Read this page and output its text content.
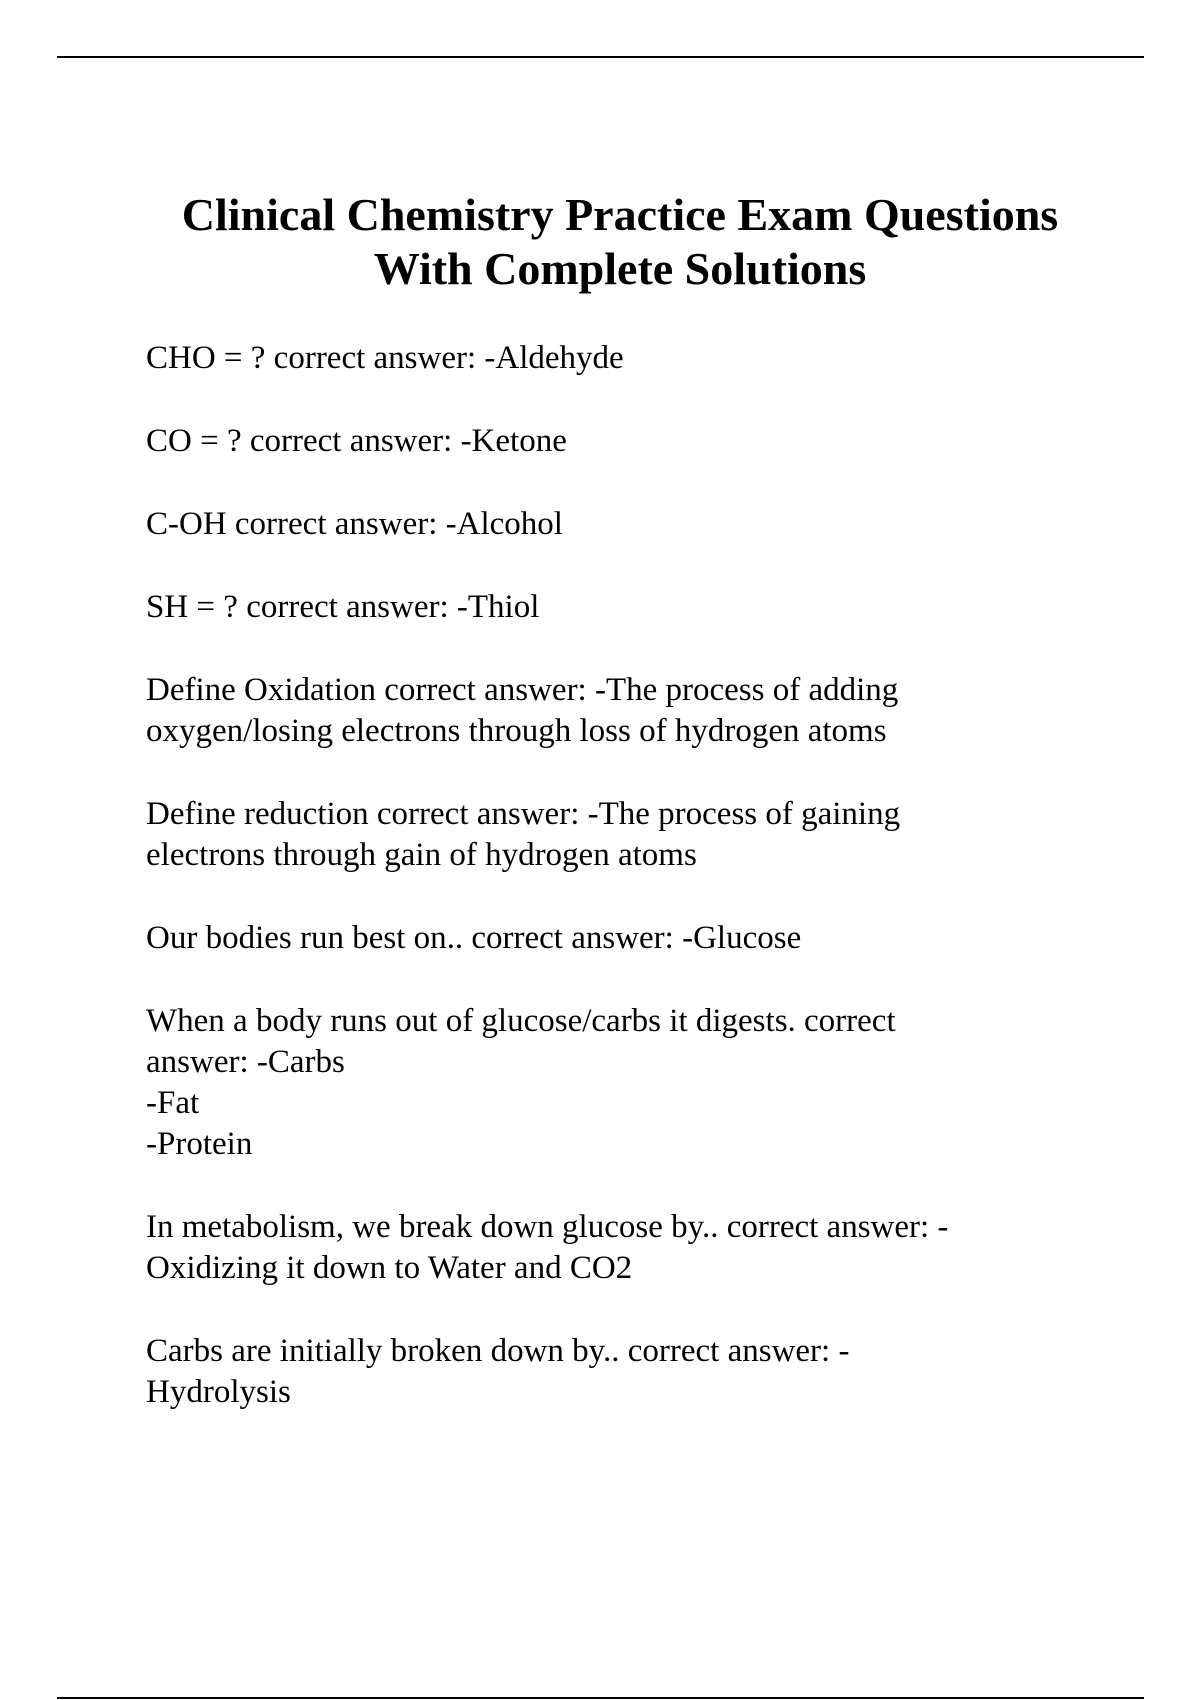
Clinical Chemistry Practice Exam Questions
With Complete Solutions
CHO = ? correct answer: -Aldehyde
CO = ? correct answer: -Ketone
C-OH correct answer: -Alcohol
SH = ? correct answer: -Thiol
Define Oxidation correct answer: -The process of adding
oxygen/losing electrons through loss of hydrogen atoms
Define reduction correct answer: -The process of gaining
electrons through gain of hydrogen atoms
Our bodies run best on.. correct answer: -Glucose
When a body runs out of glucose/carbs it digests. correct
answer: -Carbs
-Fat
-Protein
In metabolism, we break down glucose by.. correct answer: -
Oxidizing it down to Water and CO2
Carbs are initially broken down by.. correct answer: -
Hydrolysis
